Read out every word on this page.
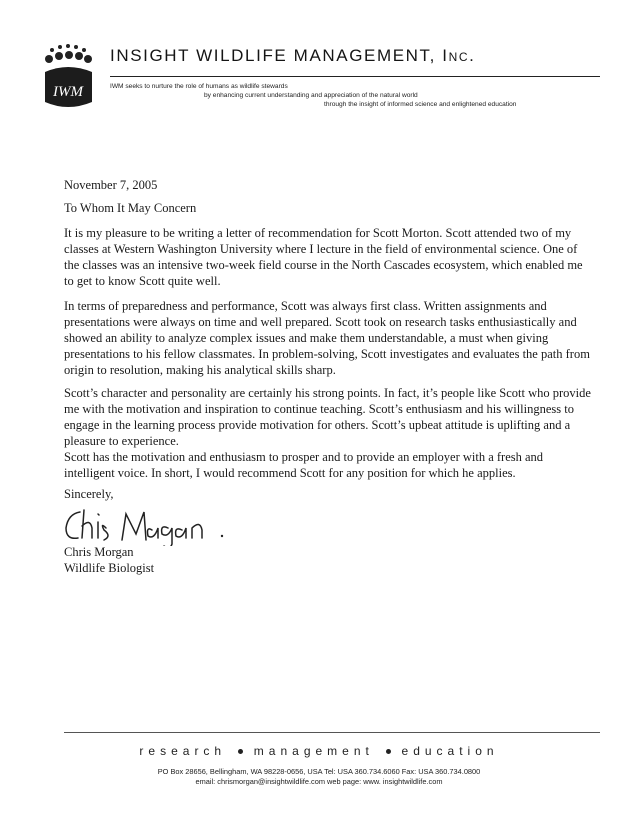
IWM
INSIGHT WILDLIFE MANAGEMENT, Inc.
IWM seeks to nurture the role of humans as wildlife stewards
by enhancing current understanding and appreciation of the natural world
through the insight of informed science and enlightened education
November 7, 2005
To Whom It May Concern

It is my pleasure to be writing a letter of recommendation for Scott Morton. Scott attended two of my classes at Western Washington University where I lecture in the field of environmental science. One of the classes was an intensive two-week field course in the North Cascades ecosystem, which enabled me to get to know Scott quite well.

In terms of preparedness and performance, Scott was always first class. Written assignments and presentations were always on time and well prepared. Scott took on research tasks enthusiastically and showed an ability to analyze complex issues and make them understandable, a must when giving presentations to his fellow classmates. In problem-solving, Scott investigates and evaluates the path from origin to resolution, making his analytical skills sharp.

Scott’s character and personality are certainly his strong points. In fact, it’s people like Scott who provide me with the motivation and inspiration to continue teaching. Scott’s enthusiasm and his willingness to engage in the learning process provide motivation for others. Scott’s upbeat attitude is uplifting and a pleasure to experience.

Scott has the motivation and enthusiasm to prosper and to provide an employer with a fresh and intelligent voice. In short, I would recommend Scott for any position for which he applies.

Sincerely,
Chris Morgan
Wildlife Biologist
research management education
PO Box 28656, Bellingham, WA 98228-0656, USA Tel: USA 360.734.6060 Fax: USA 360.734.0800
email: chrismorgan@insightwildlife.com web page: www. insightwildlife.com
